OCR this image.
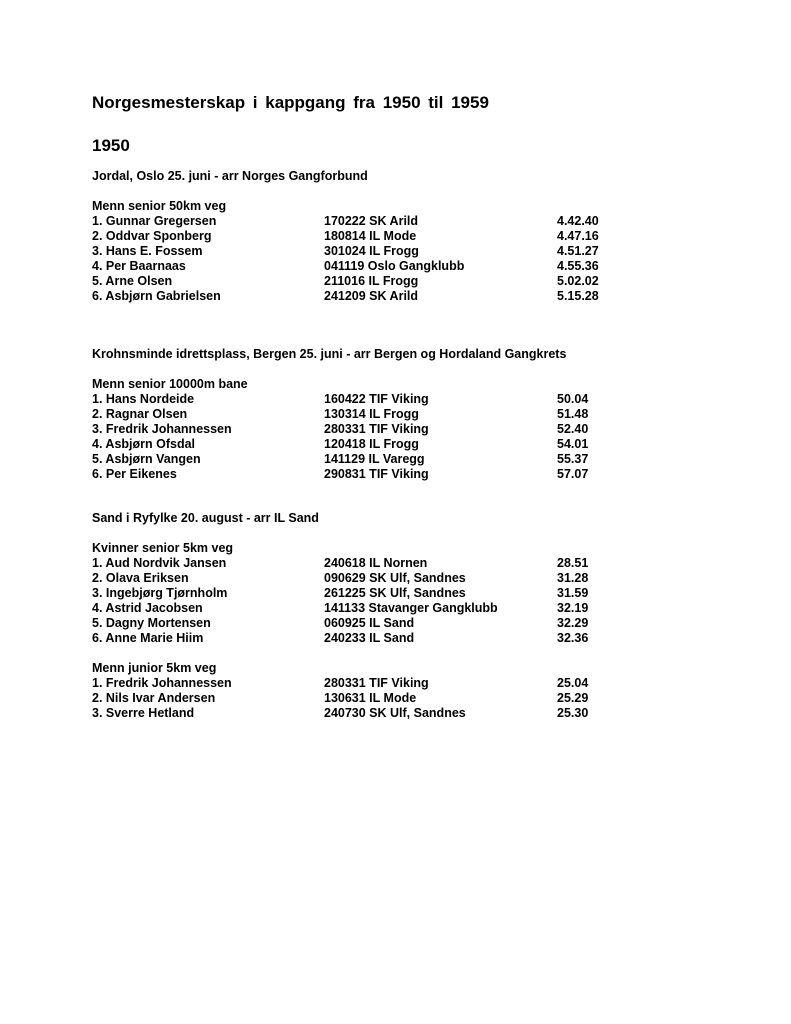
Norgesmesterskap i kappgang fra 1950 til 1959
1950
Jordal, Oslo 25. juni - arr Norges Gangforbund
Menn senior 50km veg
1. Gunnar Gregersen	170222 SK Arild	4.42.40
2. Oddvar Sponberg	180814 IL Mode	4.47.16
3. Hans E. Fossem	301024 IL Frogg	4.51.27
4. Per Baarnaas	041119 Oslo Gangklubb	4.55.36
5. Arne Olsen	211016 IL Frogg	5.02.02
6. Asbjørn Gabrielsen	241209 SK Arild	5.15.28
Krohnsminde idrettsplass, Bergen 25. juni - arr Bergen og Hordaland Gangkrets
Menn senior 10000m bane
1. Hans Nordeide	160422 TIF Viking	50.04
2. Ragnar Olsen	130314 IL Frogg	51.48
3. Fredrik Johannessen	280331 TIF Viking	52.40
4. Asbjørn Ofsdal	120418 IL Frogg	54.01
5. Asbjørn Vangen	141129 IL Varegg	55.37
6. Per Eikenes	290831 TIF Viking	57.07
Sand i Ryfylke 20. august - arr IL Sand
Kvinner senior 5km veg
1. Aud Nordvik Jansen	240618 IL Nornen	28.51
2. Olava Eriksen	090629 SK Ulf, Sandnes	31.28
3. Ingebjørg Tjørnholm	261225 SK Ulf, Sandnes	31.59
4. Astrid Jacobsen	141133 Stavanger Gangklubb	32.19
5. Dagny Mortensen	060925 IL Sand	32.29
6. Anne Marie Hiim	240233 IL Sand	32.36
Menn junior 5km veg
1. Fredrik Johannessen	280331 TIF Viking	25.04
2. Nils Ivar Andersen	130631 IL Mode	25.29
3. Sverre Hetland	240730 SK Ulf, Sandnes	25.30
